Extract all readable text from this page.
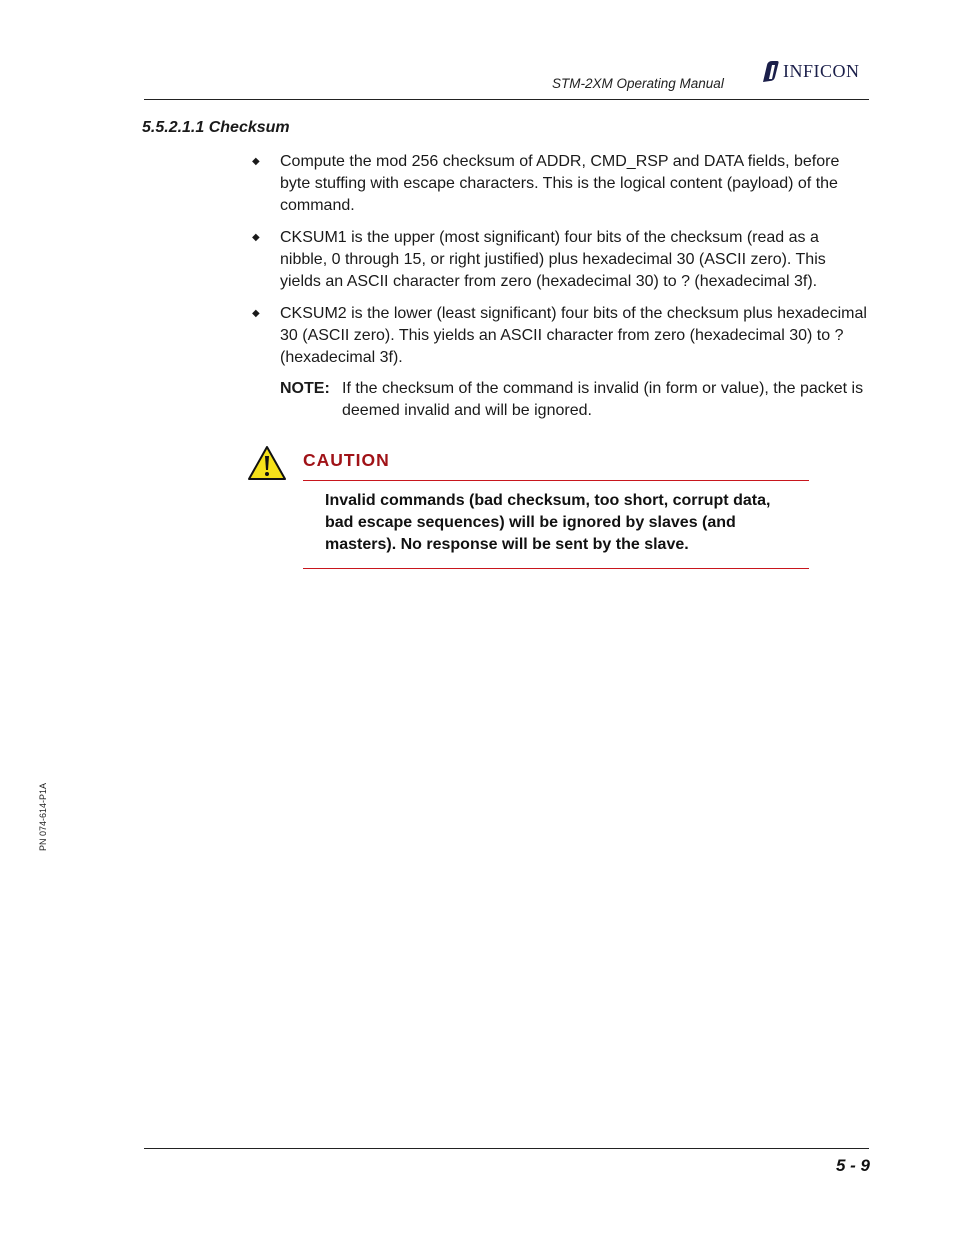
STM-2XM Operating Manual
INFICON
5.5.2.1.1 Checksum
◆ Compute the mod 256 checksum of ADDR, CMD_RSP and DATA fields, before byte stuffing with escape characters. This is the logical content (payload) of the command.
◆ CKSUM1 is the upper (most significant) four bits of the checksum (read as a nibble, 0 through 15, or right justified) plus hexadecimal 30 (ASCII zero). This yields an ASCII character from zero (hexadecimal 30) to ? (hexadecimal 3f).
◆ CKSUM2 is the lower (least significant) four bits of the checksum plus hexadecimal 30 (ASCII zero). This yields an ASCII character from zero (hexadecimal 30) to ? (hexadecimal 3f).
NOTE: If the checksum of the command is invalid (in form or value), the packet is deemed invalid and will be ignored.
CAUTION
Invalid commands (bad checksum, too short, corrupt data, bad escape sequences) will be ignored by slaves (and masters). No response will be sent by the slave.
PN 074-614-P1A
5 - 9
